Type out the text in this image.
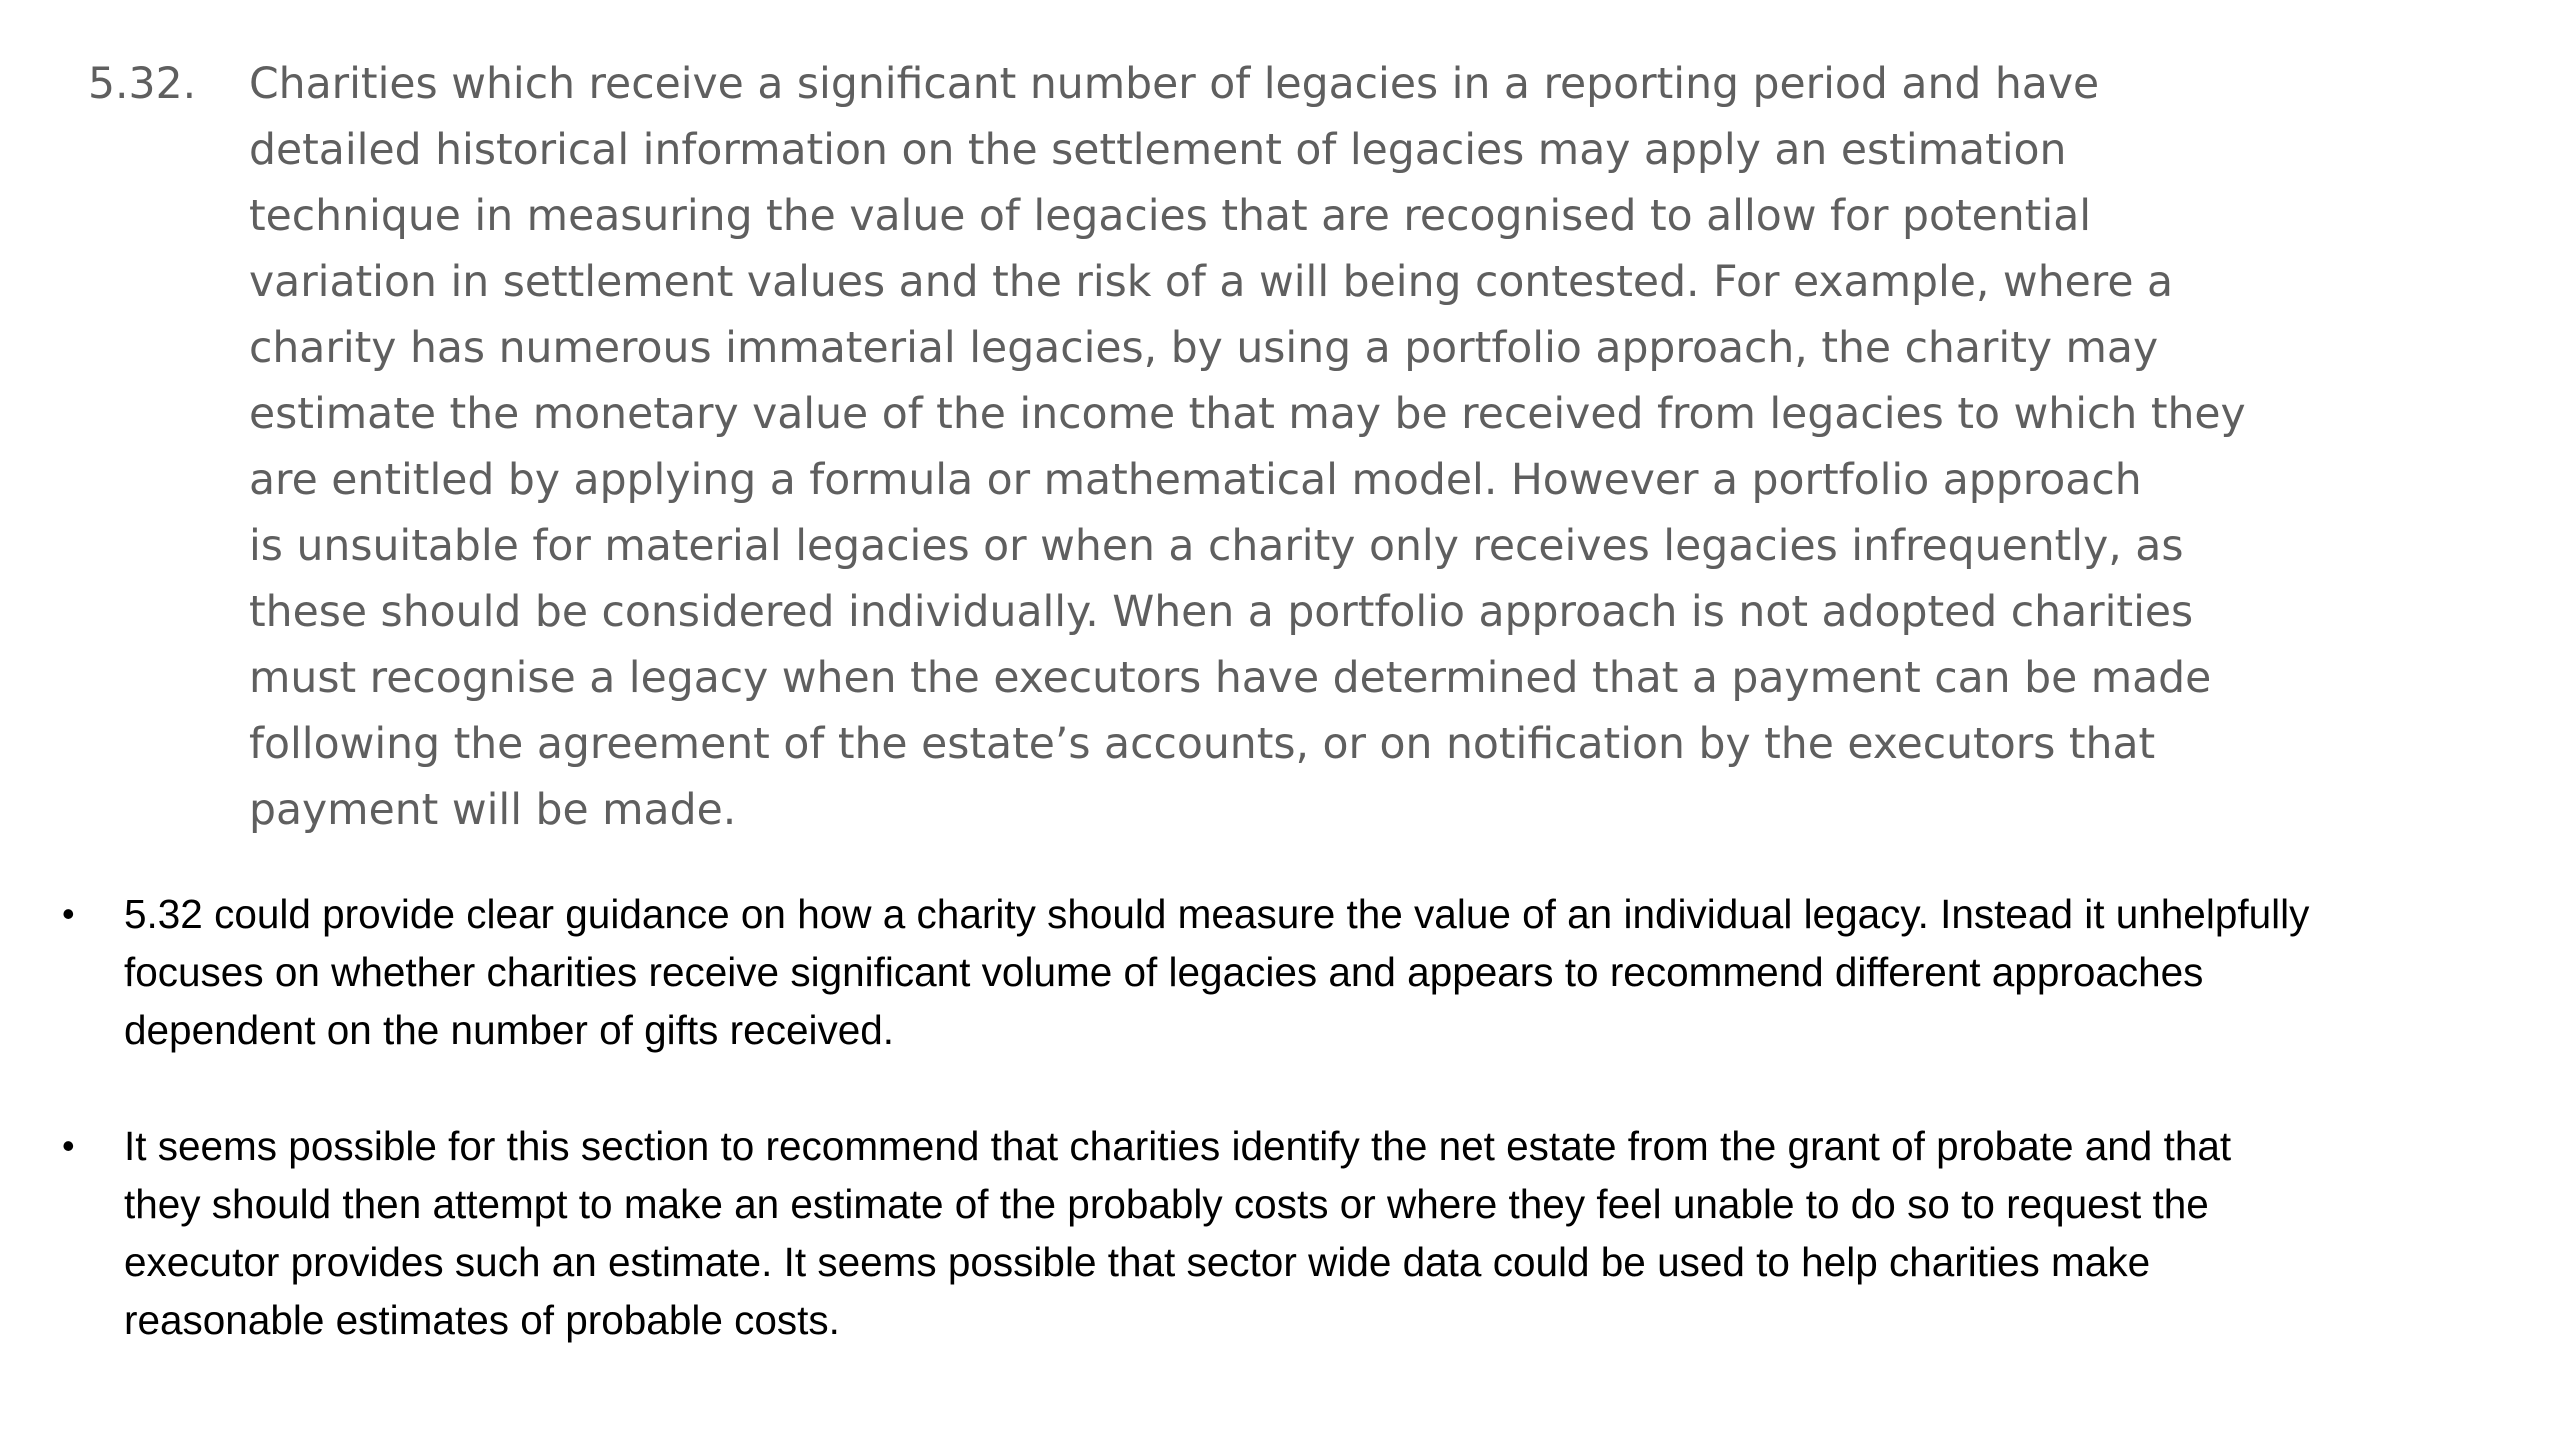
5.32.	Charities which receive a significant number of legacies in a reporting period and have
detailed historical information on the settlement of legacies may apply an estimation
technique in measuring the value of legacies that are recognised to allow for potential
variation in settlement values and the risk of a will being contested. For example, where a
charity has numerous immaterial legacies, by using a portfolio approach, the charity may
estimate the monetary value of the income that may be received from legacies to which they
are entitled by applying a formula or mathematical model. However a portfolio approach
is unsuitable for material legacies or when a charity only receives legacies infrequently, as
these should be considered individually. When a portfolio approach is not adopted charities
must recognise a legacy when the executors have determined that a payment can be made
following the agreement of the estate’s accounts, or on notification by the executors that
payment will be made.
• 5.32 could provide clear guidance on how a charity should measure the value of an individual legacy. Instead it unhelpfully
focuses on whether charities receive significant volume of legacies and appears to recommend different approaches
dependent on the number of gifts received.
• It seems possible for this section to recommend that charities identify the net estate from the grant of probate and that
they should then attempt to make an estimate of the probably costs or where they feel unable to do so to request the
executor provides such an estimate. It seems possible that sector wide data could be used to help charities make
reasonable estimates of probable costs.
